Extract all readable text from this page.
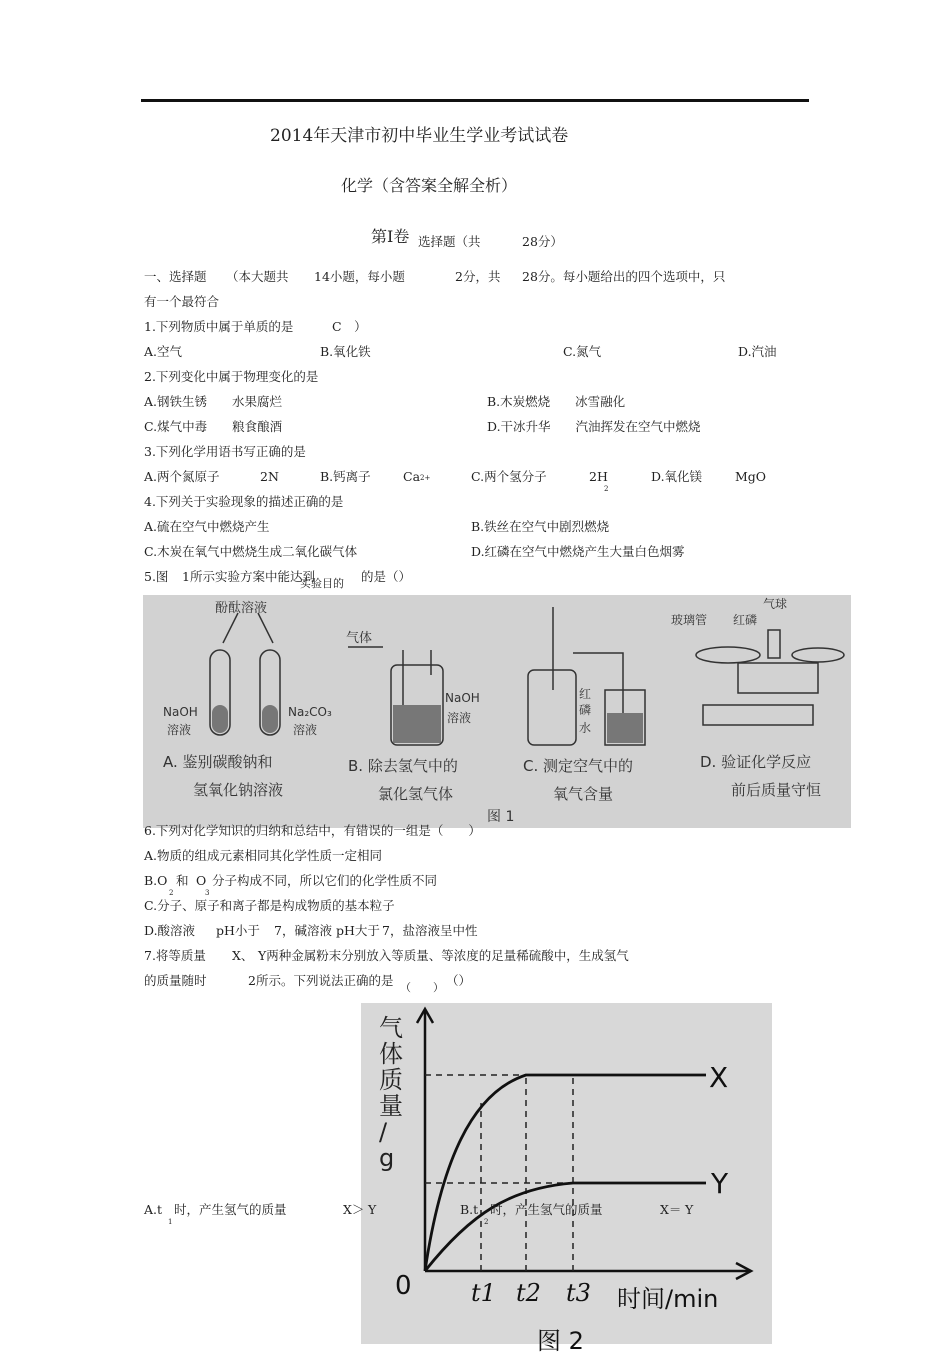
2014年天津市初中毕业生学业考试试卷
化学（含答案全解全析）
第Ⅰ卷 选择题（共	28分）
一、选择题 （本大题共 14小题，每小题	2分，共 28分。每小题给出的四个选项中，只
有一个最符合
1.下列物质中属于单质的是	C　）
A.空气	B.氧化铁	C.氮气	D.汽油
2.下列变化中属于物理变化的是
A.钢铁生锈　　水果腐烂	B.木炭燃烧　　冰雪融化
C.煤气中毒　　粮食酿酒	D.干冰升华　　汽油挥发在空气中燃烧
3.下列化学用语书写正确的是
A.两个氮原子	2N	B.钙离子	Ca 2+	C.两个氢分子	2H
2
D.氧化镁	MgO
4.下列关于实验现象的描述正确的是
A.硫在空气中燃烧产生	B.铁丝在空气中剧烈燃烧
C.木炭在氧气中燃烧生成二氧化碳气体	D.红磷在空气中燃烧产生大量白色烟雾
5.图 1所示实验方案中能达到
实验目的 的是（）
酚酞溶液
气体
NaOH
溶液
Na₂CO₃
溶液
NaOH
溶液
红
磷
水
玻璃管 红磷
气球
A. 鉴别碳酸钠和
氢氧化钠溶液
B. 除去氢气中的
氯化氢气体
C. 测定空气中的
氧气含量
D. 验证化学反应
前后质量守恒
图 1
6.下列对化学知识的归纳和总结中，有错误的一组是（　　）
A.物质的组成元素相同其化学性质一定相同
B.O
2
和 O
3
分子构成不同，所以它们的化学性质不同
C.分子、原子和离子都是构成物质的基本粒子
D.酸溶液 pH小于 7，碱溶液 pH大于 7，盐溶液呈中性
7.将等质量 X、 Y两种金属粉末分别放入等质量、等浓度的足量稀硫酸中，生成氢气
的质量随时	2所示。下列说法正确的是 （　　） （）
气
体
质
量
/
g
X
Y
0 t1 t2 t3 时间/min
图 2
A.t
1
时，产生氢气的质量	X＞ Y	B.t
2
时，产生氢气的质量	X＝ Y
